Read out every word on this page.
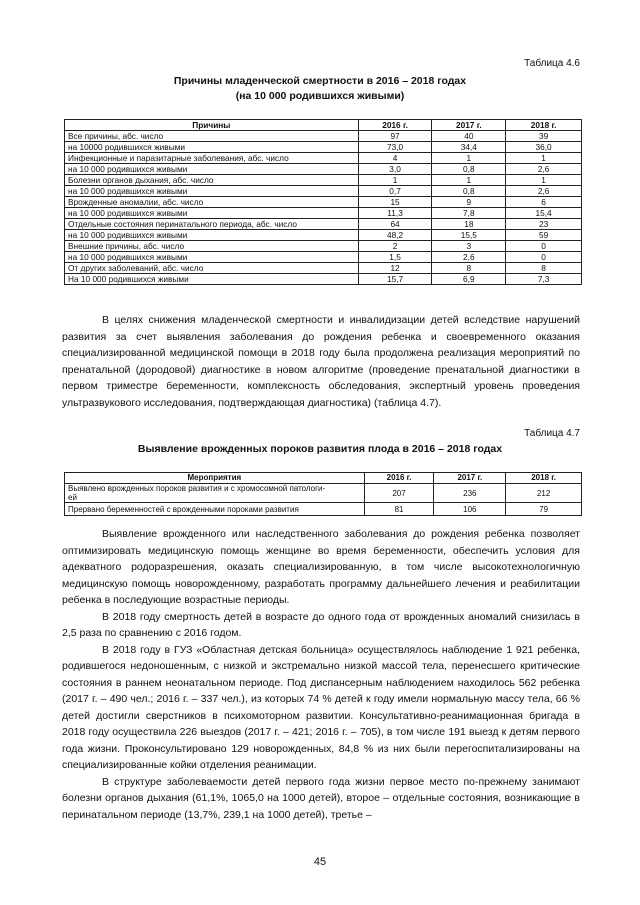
Таблица 4.6
Причины младенческой смертности в 2016 – 2018 годах
(на 10 000 родившихся живыми)
Причины	2016 г.	2017 г.	2018 г.
Все причины, абс. число	97	40	39
на 10000 родившихся живыми	73,0	34,4	36,0
Инфекционные и паразитарные заболевания, абс. число	4	1	1
на 10 000 родившихся живыми	3,0	0,8	2,6
Болезни органов дыхания, абс. число	1	1	1
на 10 000 родившихся живыми	0,7	0,8	2,6
Врожденные аномалии, абс. число	15	9	6
на 10 000 родившихся живыми	11,3	7,8	15,4
Отдельные состояния перинатального периода, абс. число	64	18	23
на 10 000 родившихся живыми	48,2	15,5	59
Внешние причины, абс. число	2	3	0
на 10 000 родившихся живыми	1,5	2,6	0
От других заболеваний, абс. число	12	8	8
На 10 000 родившихся живыми	15,7	6,9	7,3

В целях снижения младенческой смертности и инвалидизации детей вследствие нарушений развития за счет выявления заболевания до рождения ребенка и своевременного оказания специализированной медицинской помощи в 2018 году была продолжена реализация мероприятий по пренатальной (дородовой) диагностике в новом алгоритме (проведение пренатальной диагностики в первом триместре беременности, комплексность обследования, экспертный уровень проведения ультразвукового исследования, подтверждающая диагностика) (таблица 4.7).

Таблица 4.7
Выявление врожденных пороков развития плода в 2016 – 2018 годах
Мероприятия	2016 г.	2017 г.	2018 г.

Выявлено врожденных пороков развития и с хромосомной патологи-
ей	207	236	212
Прервано беременностей с врожденными пороками развития	81	106	79

Выявление врожденного или наследственного заболевания до рождения ребенка позволяет оптимизировать медицинскую помощь женщине во время беременности, обеспечить условия для адекватного родоразрешения, оказать специализированную, в том числе высокотехнологичную медицинскую помощь новорожденному, разработать программу дальнейшего лечения и реабилитации ребенка в последующие возрастные периоды.

В 2018 году смертность детей в возрасте до одного года от врожденных аномалий снизилась в 2,5 раза по сравнению с 2016 годом.

В 2018 году в ГУЗ «Областная детская больница» осуществлялось наблюдение 1 921 ребенка, родившегося недоношенным, с низкой и экстремально низкой массой тела, перенесшего критические состояния в раннем неонатальном периоде. Под диспансерным наблюдением находилось 562 ребенка (2017 г. – 490 чел.; 2016 г. – 337 чел.), из которых 74 % детей к году имели нормальную массу тела, 66 % детей достигли сверстников в психомоторном развитии. Консультативно-реанимационная бригада в 2018 году осуществила 226 выездов (2017 г. – 421; 2016 г. – 705), в том числе 191 выезд к детям первого года жизни. Проконсультировано 129 новорожденных, 84,8 % из них были перегоспитализированы на специализированные койки отделения реанимации.

В структуре заболеваемости детей первого года жизни первое место по-прежнему занимают болезни органов дыхания (61,1%, 1065,0 на 1000 детей), второе – отдельные состояния, возникающие в перинатальном периоде (13,7%, 239,1 на 1000 детей), третье –

45
